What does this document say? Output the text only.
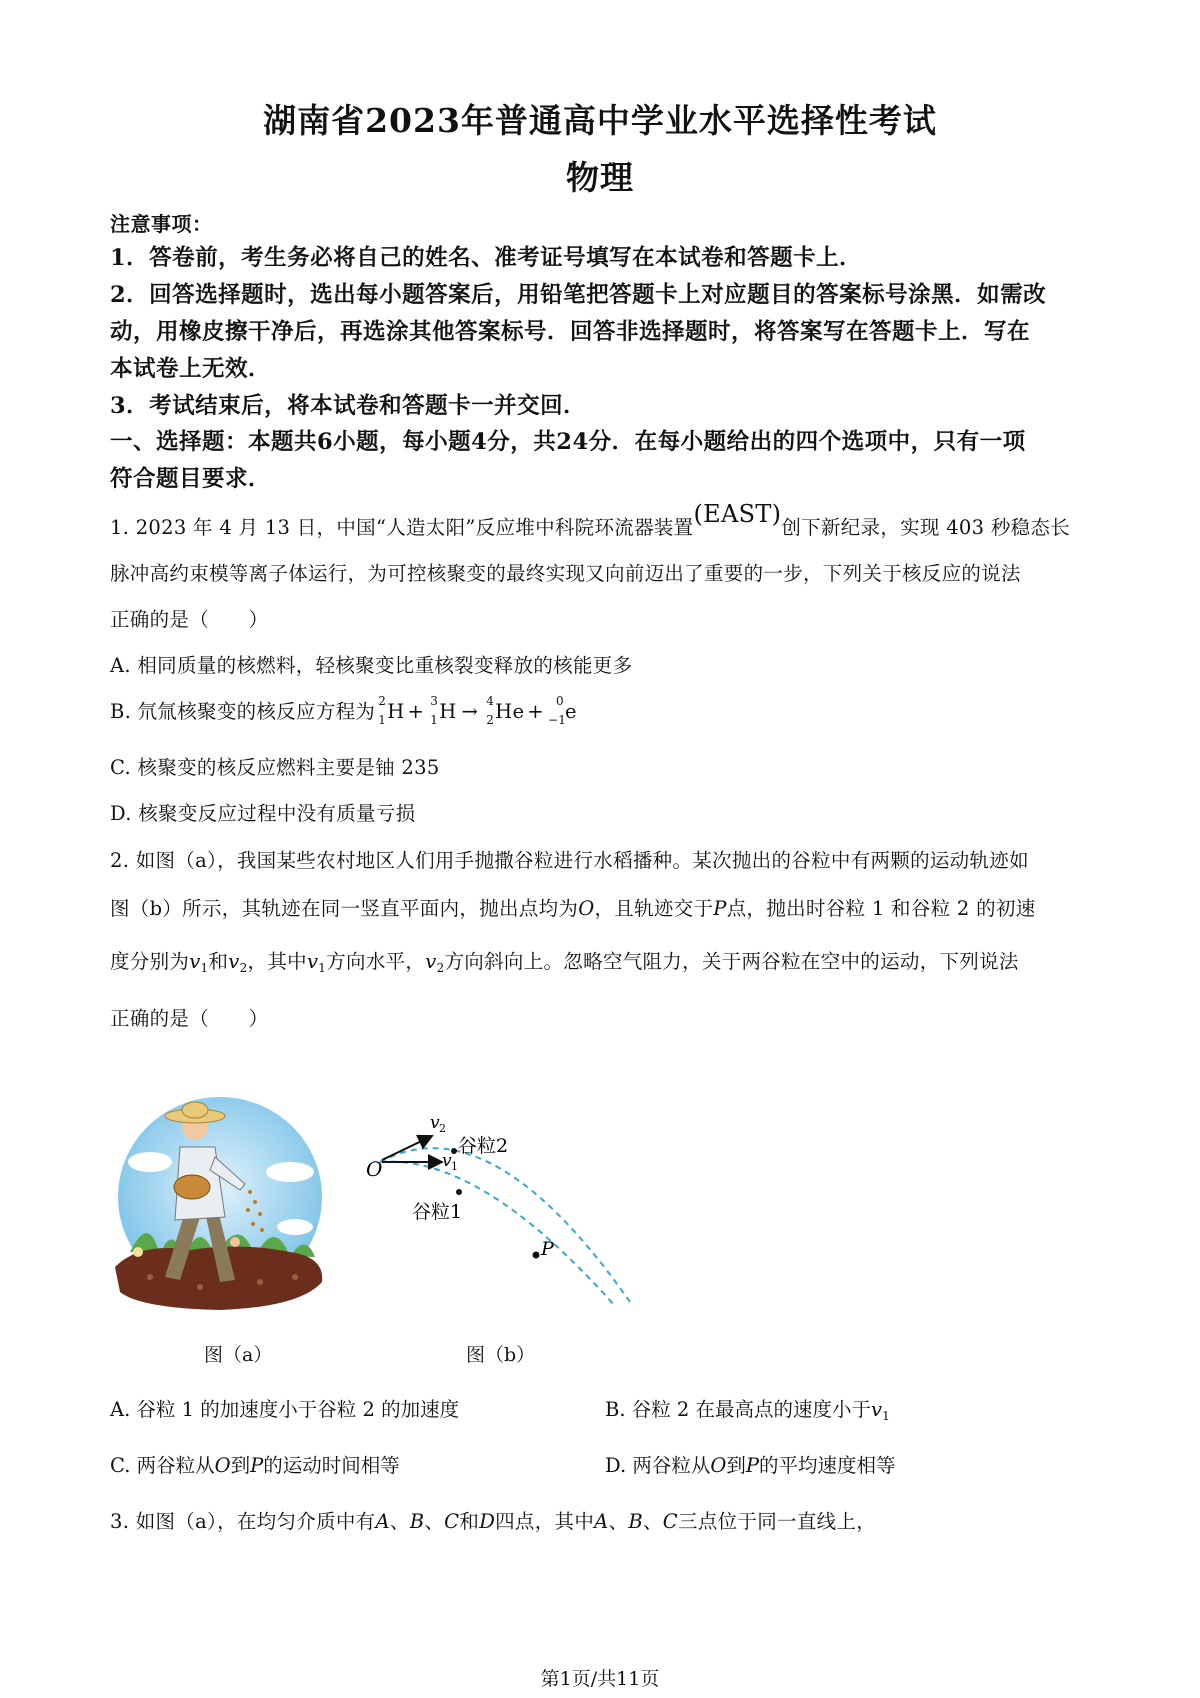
湖南省2023年普通高中学业水平选择性考试
物理
注意事项：
1．答卷前，考生务必将自己的姓名、准考证号填写在本试卷和答题卡上．
2．回答选择题时，选出每小题答案后，用铅笔把答题卡上对应题目的答案标号涂黑．如需改
动，用橡皮擦干净后，再选涂其他答案标号．回答非选择题时，将答案写在答题卡上．写在
本试卷上无效．
3．考试结束后，将本试卷和答题卡一并交回．
一、选择题：本题共6小题，每小题4分，共24分．在每小题给出的四个选项中，只有一项
符合题目要求．
1. 2023 年 4 月 13 日，中国“人造太阳”反应堆中科院环流器装置(EAST)创下新纪录，实现 403 秒稳态长
脉冲高约束模等离子体运行，为可控核聚变的最终实现又向前迈出了重要的一步，下列关于核反应的说法
正确的是（　　）
A. 相同质量的核燃料，轻核聚变比重核裂变释放的核能更多
B. 氘氚核聚变的核反应方程为 2
1 H + 3
1 H → 4
2 He + 0
−1
e
C. 核聚变的核反应燃料主要是铀 235
D. 核聚变反应过程中没有质量亏损
2. 如图（a），我国某些农村地区人们用手抛撒谷粒进行水稻播种。某次抛出的谷粒中有两颗的运动轨迹如
图（b）所示，其轨迹在同一竖直平面内，抛出点均为O，且轨迹交于P点，抛出时谷粒 1 和谷粒 2 的初速
度分别为$v_1$和$v_2$，其中$v_1$方向水平，$v_2$方向斜向上。忽略空气阻力，关于两谷粒在空中的运动，下列说法
正确的是（　　）
O
v 2
v 1
谷粒2
谷粒1
P
图（a）	图（b）
A. 谷粒 1 的加速度小于谷粒 2 的加速度	B. 谷粒 2 在最高点的速度小于$v_1$
C. 两谷粒从O到P的运动时间相等	D. 两谷粒从O到P的平均速度相等
3. 如图（a），在均匀介质中有A、B、C和D四点，其中A、B、C三点位于同一直线上，
第1页/共11页
